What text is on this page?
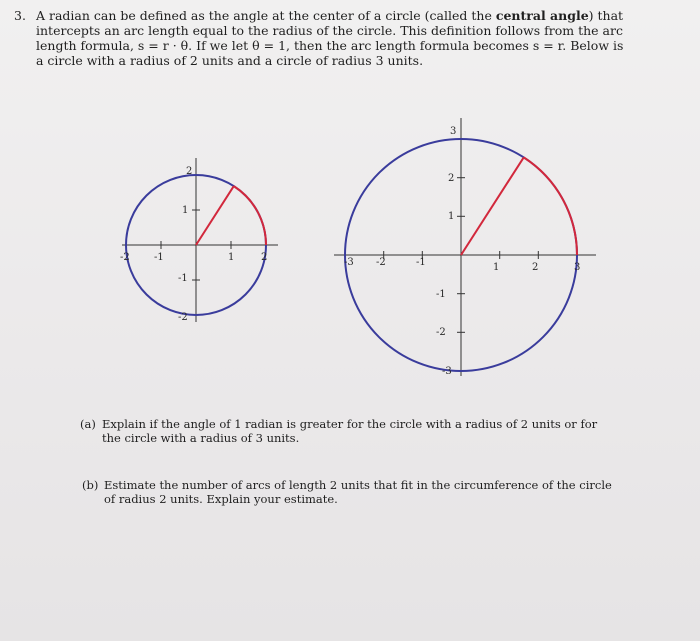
3. A radian can be defined as the angle at the center of a circle (called the central angle) that
intercepts an arc length equal to the radius of the circle. This definition follows from the arc
length formula, s = r · θ. If we let θ = 1, then the arc length formula becomes s = r. Below is
a circle with a radius of 2 units and a circle of radius 3 units.
-2 -1	1	2
2
1
-1
-2
-3 -2	-1	1	2	3
3
2
1
-1
-2
-3
(a) Explain if the angle of 1 radian is greater for the circle with a radius of 2 units or for
the circle with a radius of 3 units.
(b) Estimate the number of arcs of length 2 units that fit in the circumference of the circle
of radius 2 units. Explain your estimate.
